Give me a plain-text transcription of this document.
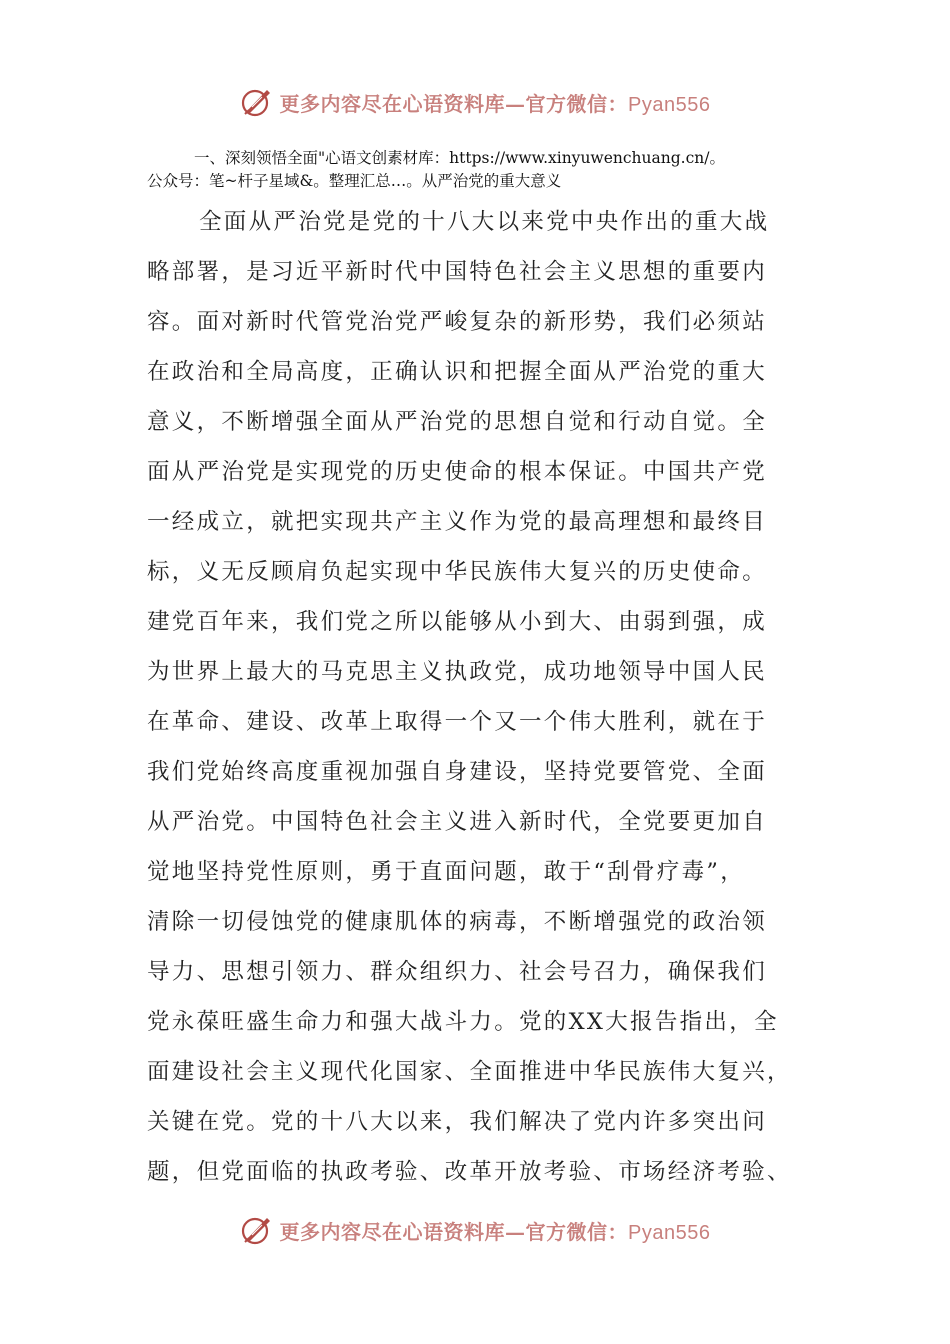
更多内容尽在心语资料库—官方微信：Pyan556
一、深刻领悟全面"心语文创素材库：https://www.xinyuwenchuang.cn/。
公众号：笔~杆子星域&。整理汇总…。从严治党的重大意义
全面从严治党是党的十八大以来党中央作出的重大战
略部署，是习近平新时代中国特色社会主义思想的重要内
容。面对新时代管党治党严峻复杂的新形势，我们必须站
在政治和全局高度，正确认识和把握全面从严治党的重大
意义，不断增强全面从严治党的思想自觉和行动自觉。全
面从严治党是实现党的历史使命的根本保证。中国共产党
一经成立，就把实现共产主义作为党的最高理想和最终目
标，义无反顾肩负起实现中华民族伟大复兴的历史使命。
建党百年来，我们党之所以能够从小到大、由弱到强，成
为世界上最大的马克思主义执政党，成功地领导中国人民
在革命、建设、改革上取得一个又一个伟大胜利，就在于
我们党始终高度重视加强自身建设，坚持党要管党、全面
从严治党。中国特色社会主义进入新时代，全党要更加自
觉地坚持党性原则，勇于直面问题，敢于“刮骨疗毒”，
清除一切侵蚀党的健康肌体的病毒，不断增强党的政治领
导力、思想引领力、群众组织力、社会号召力，确保我们
党永葆旺盛生命力和强大战斗力。党的XX大报告指出，全
面建设社会主义现代化国家、全面推进中华民族伟大复兴，
关键在党。党的十八大以来，我们解决了党内许多突出问
题，但党面临的执政考验、改革开放考验、市场经济考验、
更多内容尽在心语资料库—官方微信：Pyan556
